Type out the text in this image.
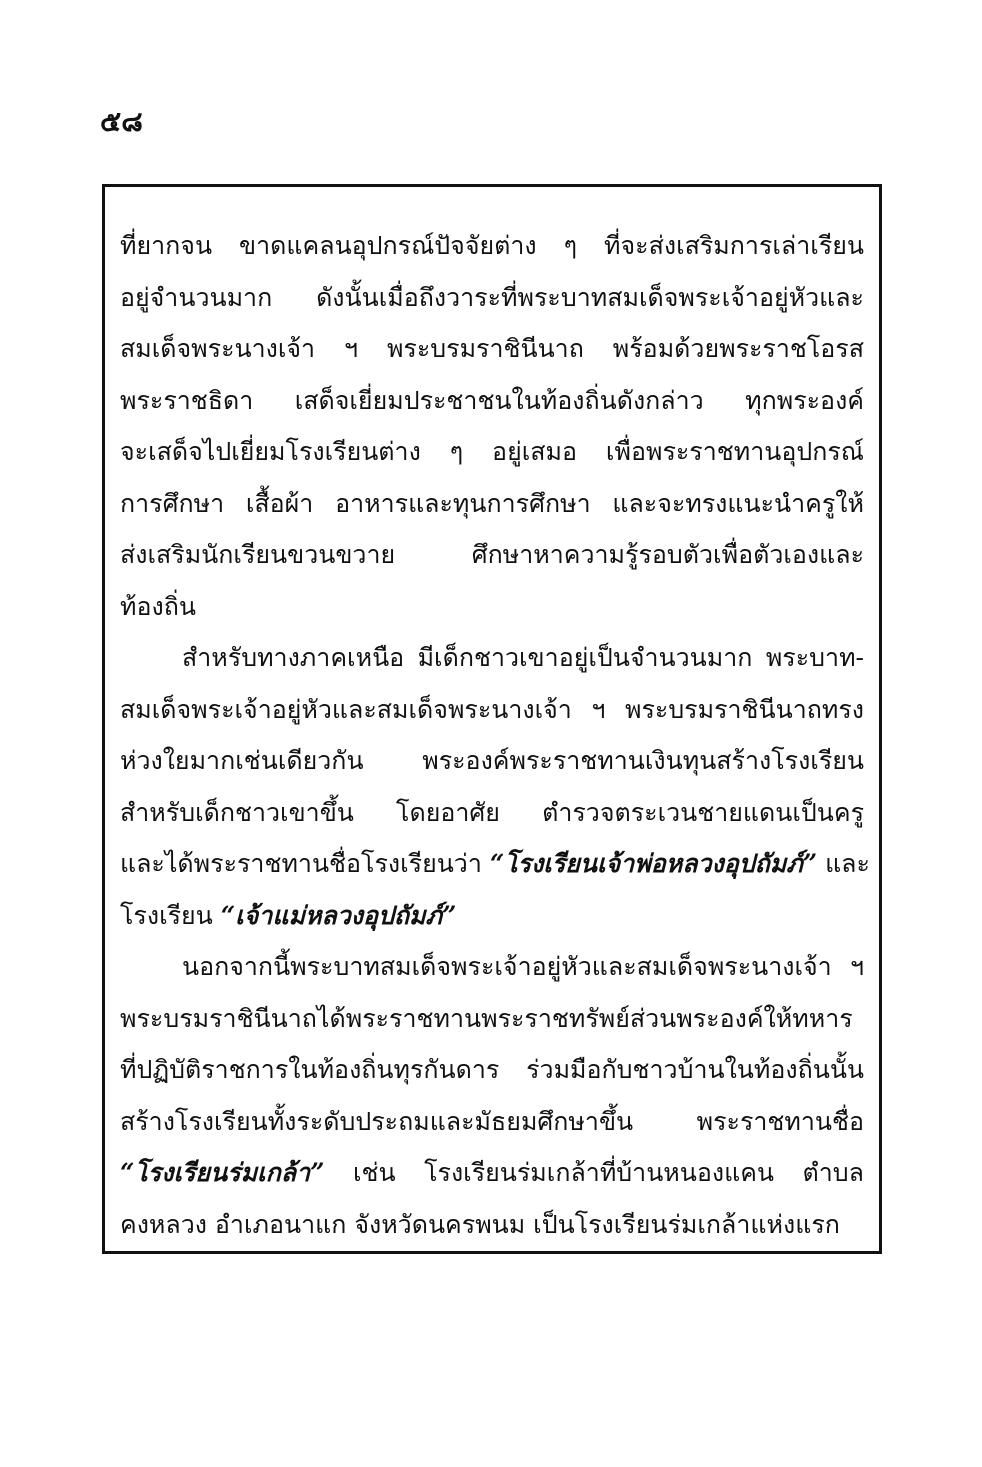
๕๘
ที่ยากจน ขาดแคลนอุปกรณ์ปัจจัยต่าง ๆ ที่จะส่งเสริมการเล่าเรียน
อยู่จำนวนมาก ดังนั้นเมื่อถึงวาระที่พระบาทสมเด็จพระเจ้าอยู่หัวและ
สมเด็จพระนางเจ้า ฯ พระบรมราชินีนาถ พร้อมด้วยพระราชโอรส
พระราชธิดา เสด็จเยี่ยมประชาชนในท้องถิ่นดังกล่าว ทุกพระองค์
จะเสด็จไปเยี่ยมโรงเรียนต่าง ๆ อยู่เสมอ เพื่อพระราชทานอุปกรณ์
การศึกษา เสื้อผ้า อาหารและทุนการศึกษา และจะทรงแนะนำครูให้
ส่งเสริมนักเรียนขวนขวาย ศึกษาหาความรู้รอบตัวเพื่อตัวเองและ
ท้องถิ่น
สำหรับทางภาคเหนือ มีเด็กชาวเขาอยู่เป็นจำนวนมาก พระบาท-
สมเด็จพระเจ้าอยู่หัวและสมเด็จพระนางเจ้า ฯ พระบรมราชินีนาถทรง
ห่วงใยมากเช่นเดียวกัน พระองค์พระราชทานเงินทุนสร้างโรงเรียน
สำหรับเด็กชาวเขาขึ้น โดยอาศัย ตำรวจตระเวนชายแดนเป็นครู
และได้พระราชทานชื่อโรงเรียนว่า “โรงเรียนเจ้าพ่อหลวงอุปถัมภ์” และ
โรงเรียน “เจ้าแม่หลวงอุปถัมภ์”
นอกจากนี้พระบาทสมเด็จพระเจ้าอยู่หัวและสมเด็จพระนางเจ้า ฯ
พระบรมราชินีนาถได้พระราชทานพระราชทรัพย์ส่วนพระองค์ให้ทหาร
ที่ปฏิบัติราชการในท้องถิ่นทุรกันดาร ร่วมมือกับชาวบ้านในท้องถิ่นนั้น
สร้างโรงเรียนทั้งระดับประถมและมัธยมศึกษาขึ้น พระราชทานชื่อ
“โรงเรียนร่มเกล้า” เช่น โรงเรียนร่มเกล้าที่บ้านหนองแคน ตำบล
คงหลวง อำเภอนาแก จังหวัดนครพนม เป็นโรงเรียนร่มเกล้าแห่งแรก
